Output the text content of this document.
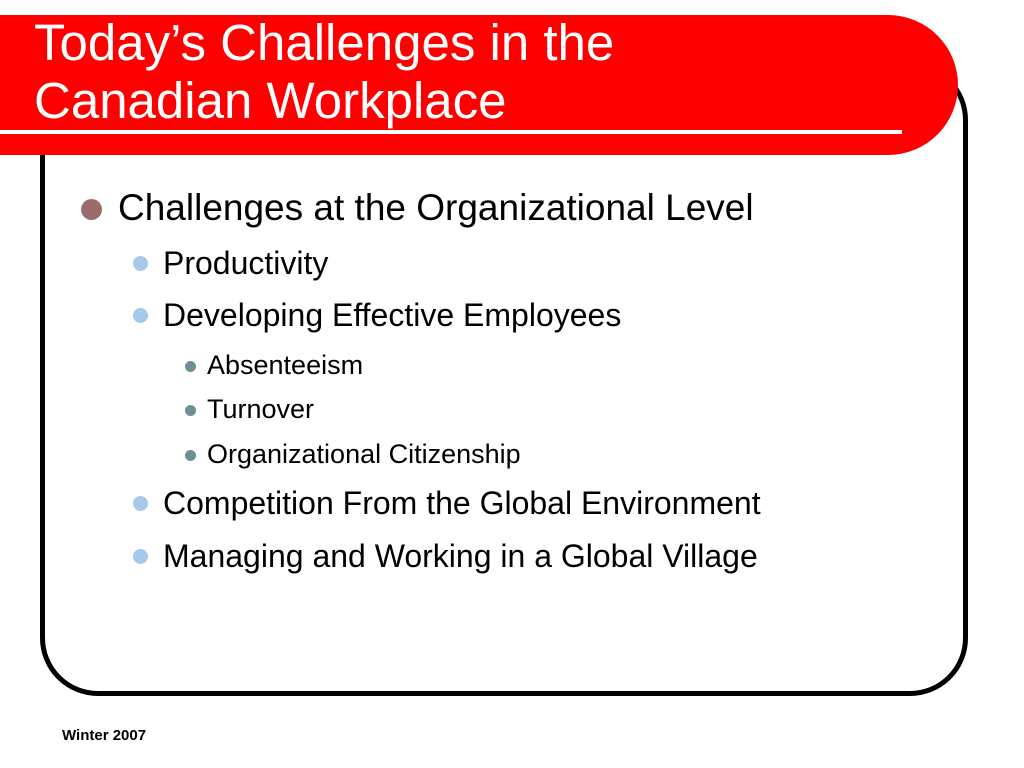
Today’s Challenges in the
Canadian Workplace
Challenges at the Organizational Level
Productivity
Developing Effective Employees
Absenteeism
Turnover
Organizational Citizenship
Competition From the Global Environment
Managing and Working in a Global Village
Winter 2007
